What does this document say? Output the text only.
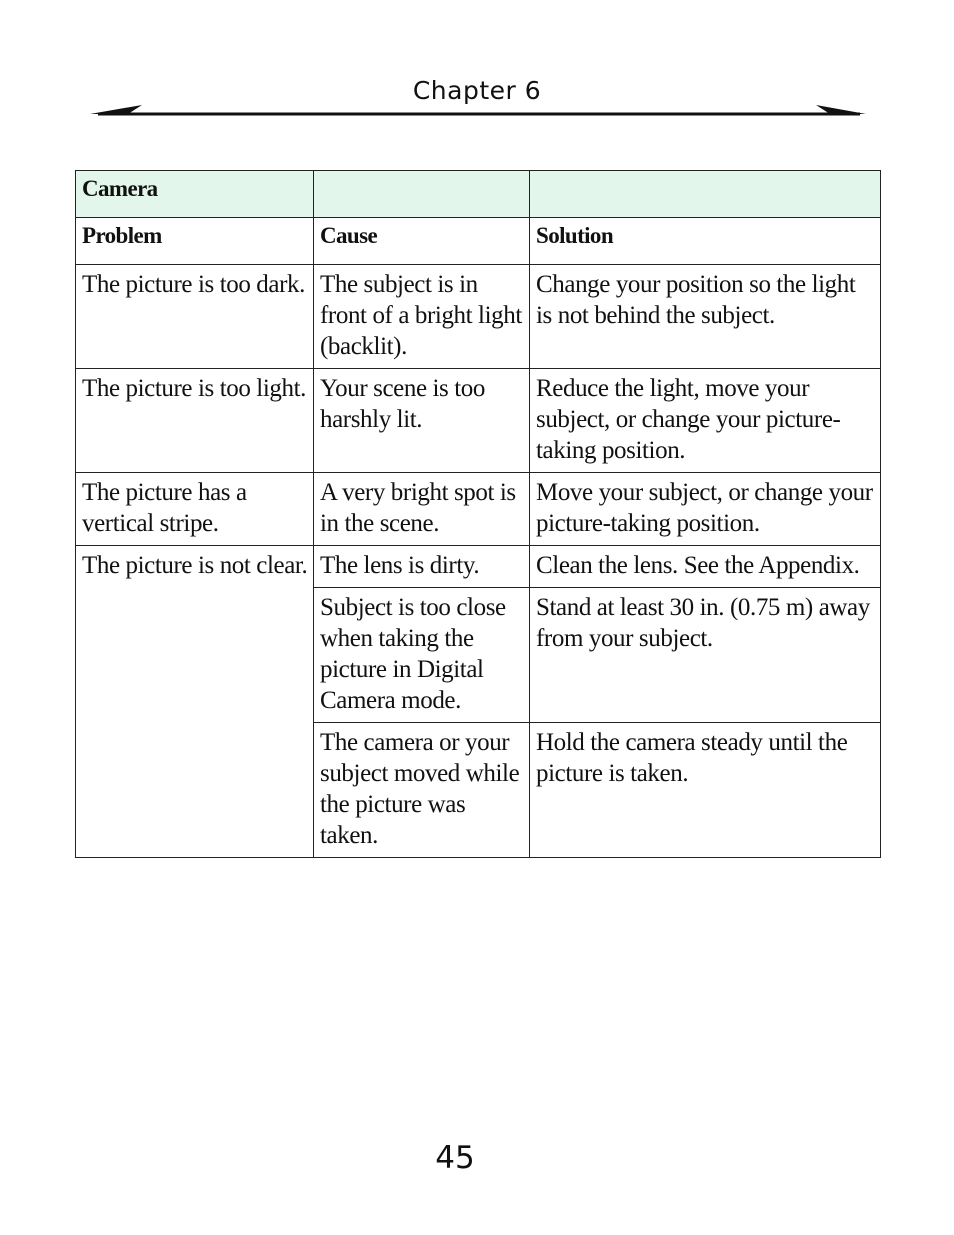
Chapter 6
Camera		
Problem	Cause	Solution
The picture is too dark.	The subject is in front of a bright light (backlit).	Change your position so the light is not behind the subject.
The picture is too light.	Your scene is too harshly lit.	Reduce the light, move your subject, or change your picture-taking position.
The picture has a vertical stripe.	A very bright spot is in the scene.	Move your subject, or change your picture-taking position.
The picture is not clear.	The lens is dirty.	Clean the lens. See the Appendix.
	Subject is too close when taking the picture in Digital Camera mode.	Stand at least 30 in. (0.75 m) away from your subject.
	The camera or your subject moved while the picture was taken.	Hold the camera steady until the picture is taken.
45
